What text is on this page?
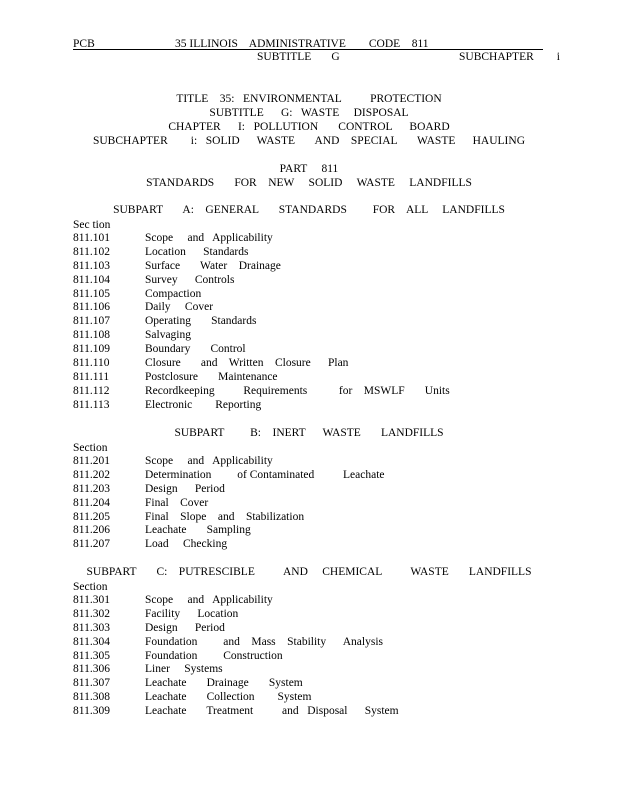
PCB	35 ILLINOIS    ADMINISTRATIVE        CODE    811
SUBTITLE       G	SUBCHAPTER        i
TITLE    35:   ENVIRONMENTAL          PROTECTION
SUBTITLE      G:   WASTE     DISPOSAL
CHAPTER      I:   POLLUTION       CONTROL      BOARD
SUBCHAPTER        i:   SOLID      WASTE       AND    SPECIAL       WASTE      HAULING
PART     811
STANDARDS       FOR    NEW     SOLID     WASTE     LANDFILLS
SUBPART       A:    GENERAL       STANDARDS         FOR    ALL     LANDFILLS
Sec tion
811.101	Scope     and   Applicability
811.102	Location      Standards
811.103	Surface       Water    Drainage
811.104	Survey      Controls
811.105	Compaction
811.106	Daily     Cover
811.107	Operating       Standards
811.108	Salvaging
811.109	Boundary       Control
811.110	Closure       and    Written    Closure      Plan
811.111	Postclosure       Maintenance
811.112	Recordkeeping          Requirements           for    MSWLF       Units
811.113	Electronic        Reporting
SUBPART         B:    INERT      WASTE       LANDFILLS
Section
811.201	Scope     and   Applicability
811.202	Determination         of Contaminated          Leachate
811.203	Design      Period
811.204	Final    Cover
811.205	Final    Slope    and    Stabilization
811.206	Leachate       Sampling
811.207	Load     Checking
SUBPART       C:    PUTRESCIBLE          AND     CHEMICAL          WASTE       LANDFILLS
Section
811.301	Scope     and   Applicability
811.302	Facility      Location
811.303	Design      Period
811.304	Foundation         and    Mass    Stability      Analysis
811.305	Foundation         Construction
811.306	Liner     Systems
811.307	Leachate       Drainage       System
811.308	Leachate       Collection        System
811.309	Leachate       Treatment          and   Disposal      System
